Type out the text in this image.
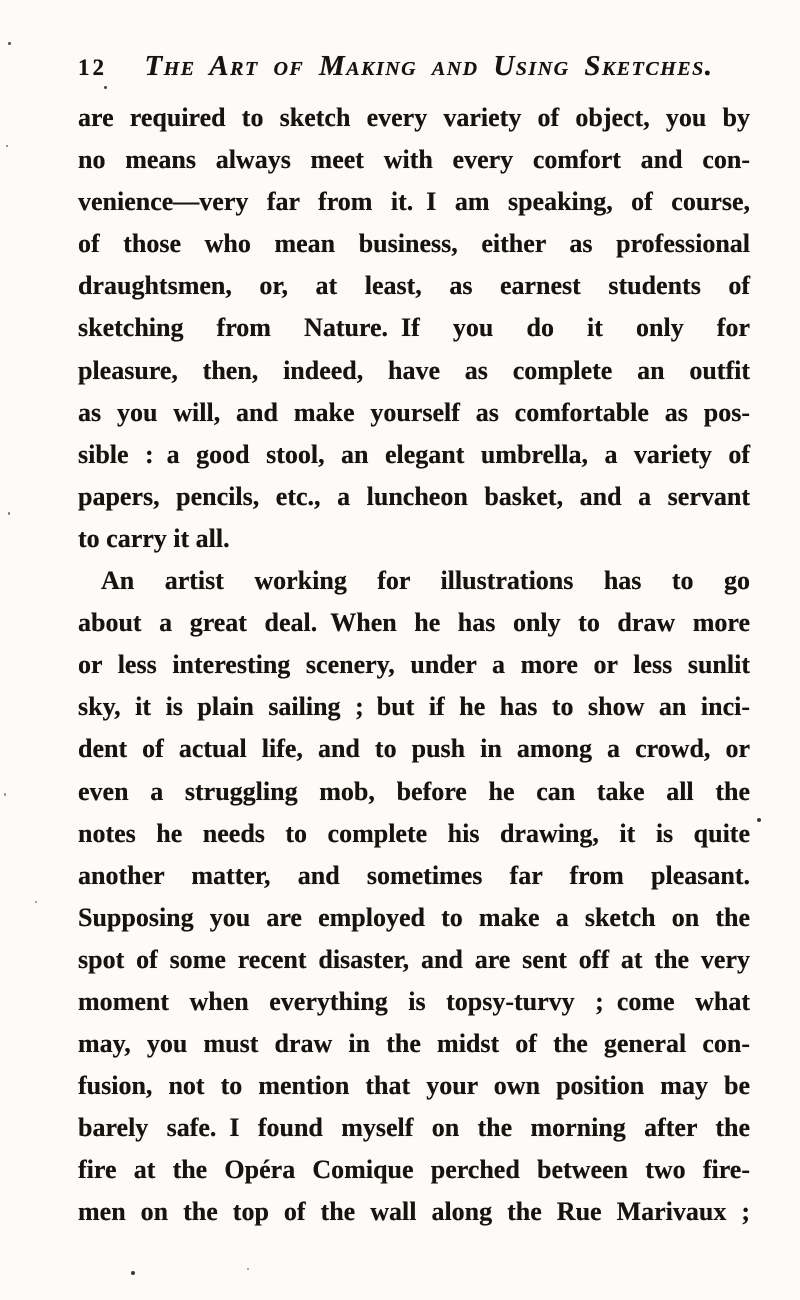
12	The Art of Making and Using Sketches.
are required to sketch every variety of object, you by
no means always meet with every comfort and con-
venience—very far from it. I am speaking, of course,
of those who mean business, either as professional
draughtsmen, or, at least, as earnest students of
sketching from Nature. If you do it only for
pleasure, then, indeed, have as complete an outfit
as you will, and make yourself as comfortable as pos-
sible : a good stool, an elegant umbrella, a variety of
papers, pencils, etc., a luncheon basket, and a servant
to carry it all.
An artist working for illustrations has to go
about a great deal. When he has only to draw more
or less interesting scenery, under a more or less sunlit
sky, it is plain sailing ; but if he has to show an inci-
dent of actual life, and to push in among a crowd, or
even a struggling mob, before he can take all the
notes he needs to complete his drawing, it is quite
another matter, and sometimes far from pleasant.
Supposing you are employed to make a sketch on the
spot of some recent disaster, and are sent off at the very
moment when everything is topsy-turvy ; come what
may, you must draw in the midst of the general con-
fusion, not to mention that your own position may be
barely safe. I found myself on the morning after the
fire at the Opéra Comique perched between two fire-
men on the top of the wall along the Rue Marivaux ;
